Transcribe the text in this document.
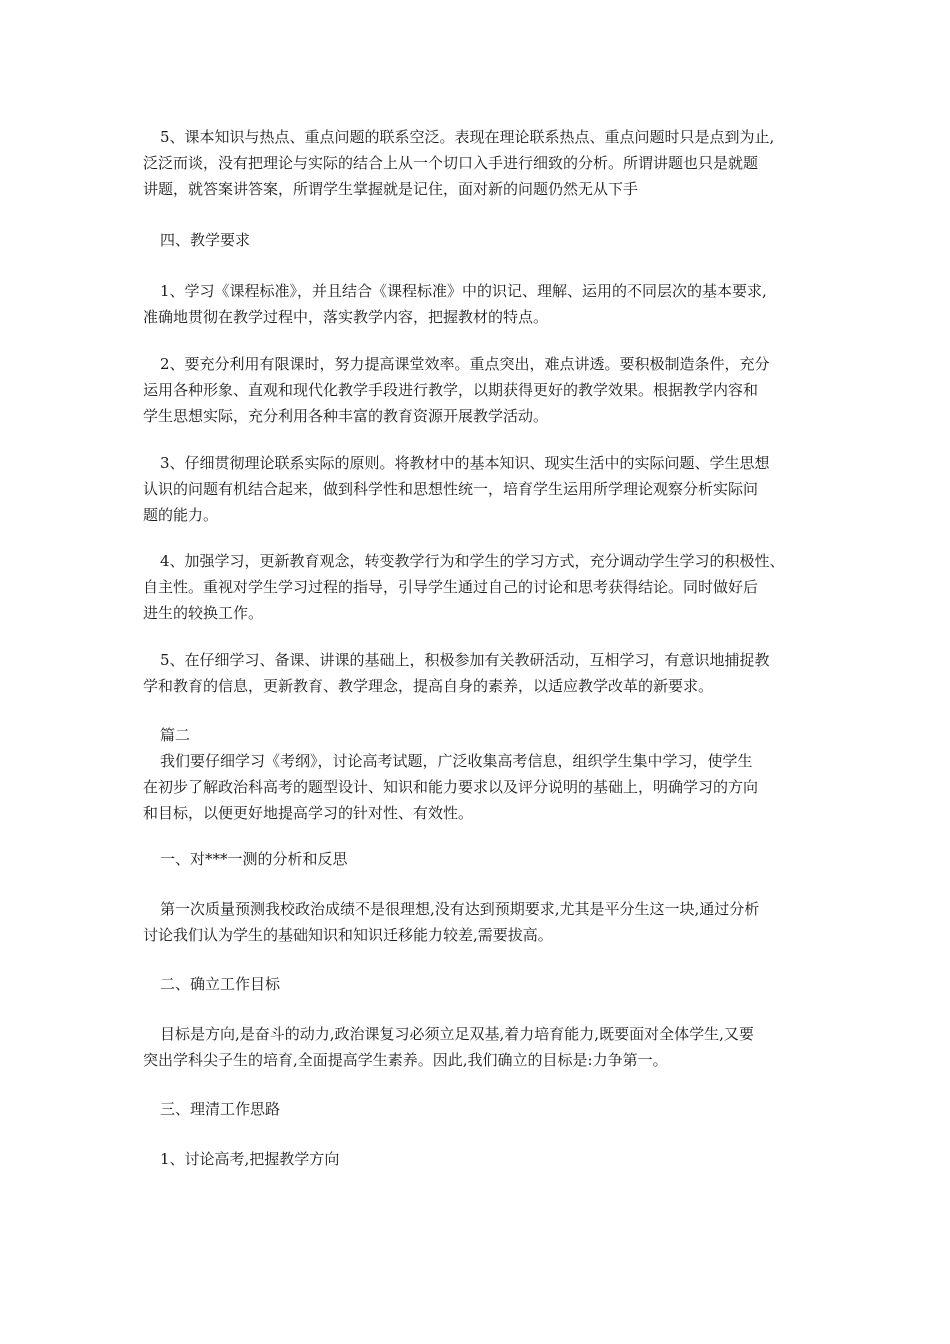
5、课本知识与热点、重点问题的联系空泛。表现在理论联系热点、重点问题时只是点到为止,
泛泛而谈，没有把理论与实际的结合上从一个切口入手进行细致的分析。所谓讲题也只是就题
讲题，就答案讲答案，所谓学生掌握就是记住，面对新的问题仍然无从下手

四、教学要求

1、学习《课程标准》，并且结合《课程标准》中的识记、理解、运用的不同层次的基本要求,
准确地贯彻在教学过程中，落实教学内容，把握教材的特点。

2、要充分利用有限课时，努力提高课堂效率。重点突出，难点讲透。要积极制造条件，充分
运用各种形象、直观和现代化教学手段进行教学，以期获得更好的教学效果。根据教学内容和
学生思想实际，充分利用各种丰富的教育资源开展教学活动。

3、仔细贯彻理论联系实际的原则。将教材中的基本知识、现实生活中的实际问题、学生思想
认识的问题有机结合起来，做到科学性和思想性统一，培育学生运用所学理论观察分析实际问
题的能力。

4、加强学习，更新教育观念，转变教学行为和学生的学习方式，充分调动学生学习的积极性、
自主性。重视对学生学习过程的指导，引导学生通过自己的讨论和思考获得结论。同时做好后
进生的较换工作。

5、在仔细学习、备课、讲课的基础上，积极参加有关教研活动，互相学习，有意识地捕捉教
学和教育的信息，更新教育、教学理念，提高自身的素养，以适应教学改革的新要求。

篇二
我们要仔细学习《考纲》，讨论高考试题，广泛收集高考信息，组织学生集中学习，使学生
在初步了解政治科高考的题型设计、知识和能力要求以及评分说明的基础上，明确学习的方向
和目标，以便更好地提高学习的针对性、有效性。

一、对***一测的分析和反思

第一次质量预测我校政治成绩不是很理想,没有达到预期要求,尤其是平分生这一块,通过分析
讨论我们认为学生的基础知识和知识迁移能力较差,需要拔高。

二、确立工作目标

目标是方向,是奋斗的动力,政治课复习必须立足双基,着力培育能力,既要面对全体学生,又要
突出学科尖子生的培育,全面提高学生素养。因此,我们确立的目标是:力争第一。

三、理清工作思路

1、讨论高考,把握教学方向
